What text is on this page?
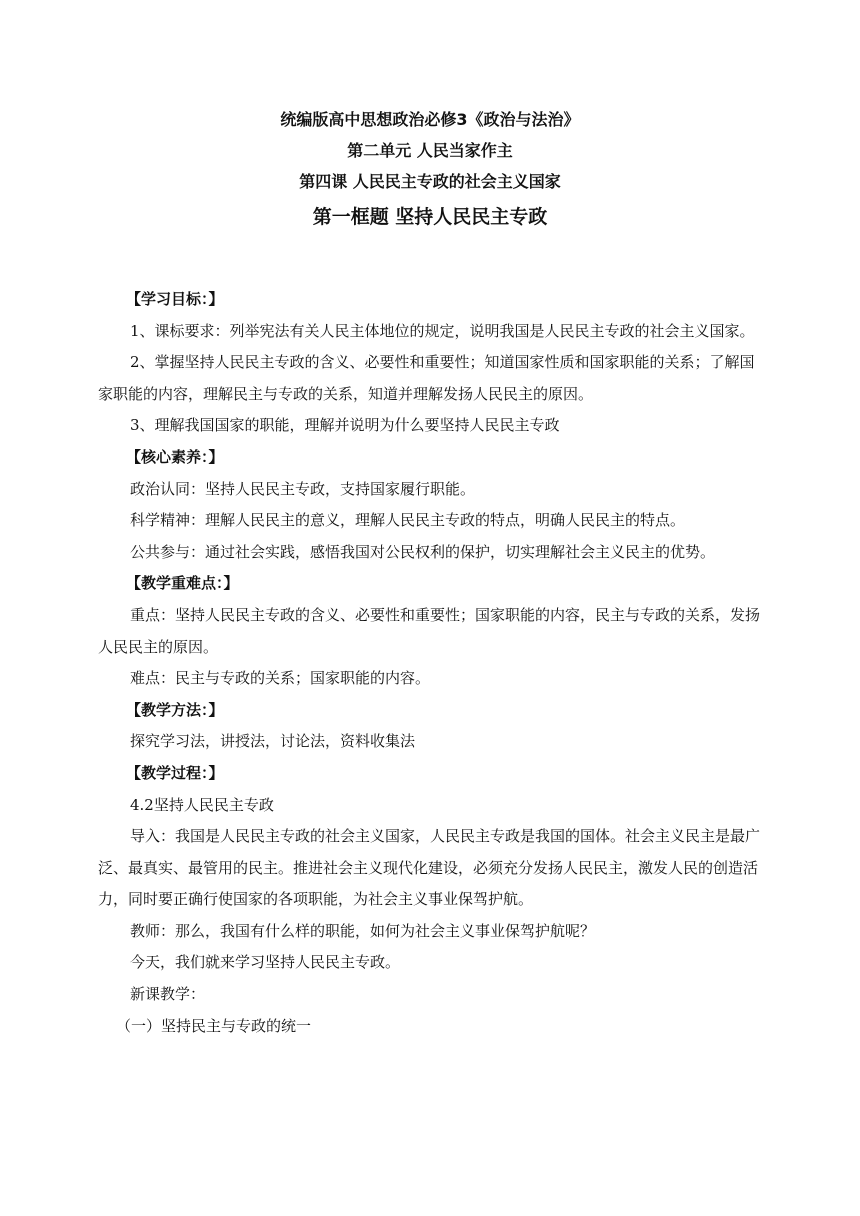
统编版高中思想政治必修3《政治与法治》
第二单元 人民当家作主
第四课 人民民主专政的社会主义国家
第一框题 坚持人民民主专政

【学习目标：】

1、课标要求：列举宪法有关人民主体地位的规定，说明我国是人民民主专政的社会主义国家。

2、掌握坚持人民民主专政的含义、必要性和重要性；知道国家性质和国家职能的关系；了解国家职能的内容，理解民主与专政的关系，知道并理解发扬人民民主的原因。

3、理解我国国家的职能，理解并说明为什么要坚持人民民主专政

【核心素养：】

政治认同：坚持人民民主专政，支持国家履行职能。

科学精神：理解人民民主的意义，理解人民民主专政的特点，明确人民民主的特点。

公共参与：通过社会实践，感悟我国对公民权利的保护，切实理解社会主义民主的优势。

【教学重难点：】

重点：坚持人民民主专政的含义、必要性和重要性；国家职能的内容，民主与专政的关系，发扬人民民主的原因。

难点：民主与专政的关系；国家职能的内容。

【教学方法：】

探究学习法，讲授法，讨论法，资料收集法

【教学过程：】

4.2坚持人民民主专政

导入：我国是人民民主专政的社会主义国家，人民民主专政是我国的国体。社会主义民主是最广泛、最真实、最管用的民主。推进社会主义现代化建设，必须充分发扬人民民主，激发人民的创造活力，同时要正确行使国家的各项职能，为社会主义事业保驾护航。

教师：那么，我国有什么样的职能，如何为社会主义事业保驾护航呢？

今天，我们就来学习坚持人民民主专政。

新课教学：

（一）坚持民主与专政的统一
